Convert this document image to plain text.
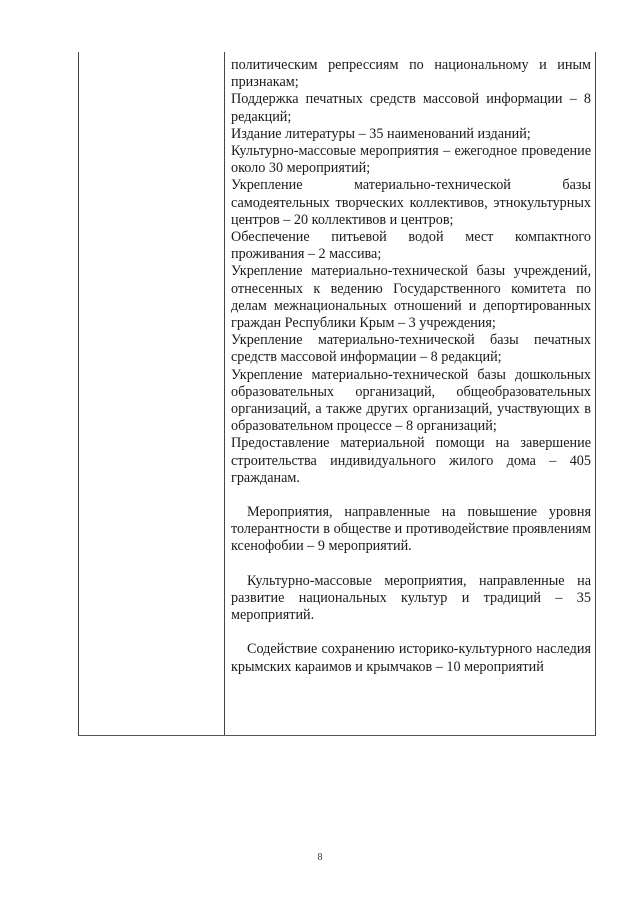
политическим репрессиям по национальному и иным признакам;

Поддержка печатных средств массовой информации – 8 редакций;

Издание литературы – 35 наименований изданий;

Культурно-массовые мероприятия – ежегодное проведение около 30 мероприятий;

Укрепление материально-технической базы самодеятельных творческих коллективов, этнокультурных центров – 20 коллективов и центров;

Обеспечение питьевой водой мест компактного проживания – 2 массива;

Укрепление материально-технической базы учреждений, отнесенных к ведению Государственного комитета по делам межнациональных отношений и депортированных граждан Республики Крым – 3 учреждения;

Укрепление материально-технической базы печатных средств массовой информации – 8 редакций;

Укрепление материально-технической базы дошкольных образовательных организаций, общеобразовательных организаций, а также других организаций, участвующих в образовательном процессе – 8 организаций;

Предоставление материальной помощи на завершение строительства индивидуального жилого дома – 405 гражданам.

Мероприятия, направленные на повышение уровня толерантности в обществе и противодействие проявлениям ксенофобии – 9 мероприятий.

Культурно-массовые мероприятия, направленные на развитие национальных культур и традиций – 35 мероприятий.

Содействие сохранению историко-культурного наследия крымских караимов и крымчаков – 10 мероприятий

8
